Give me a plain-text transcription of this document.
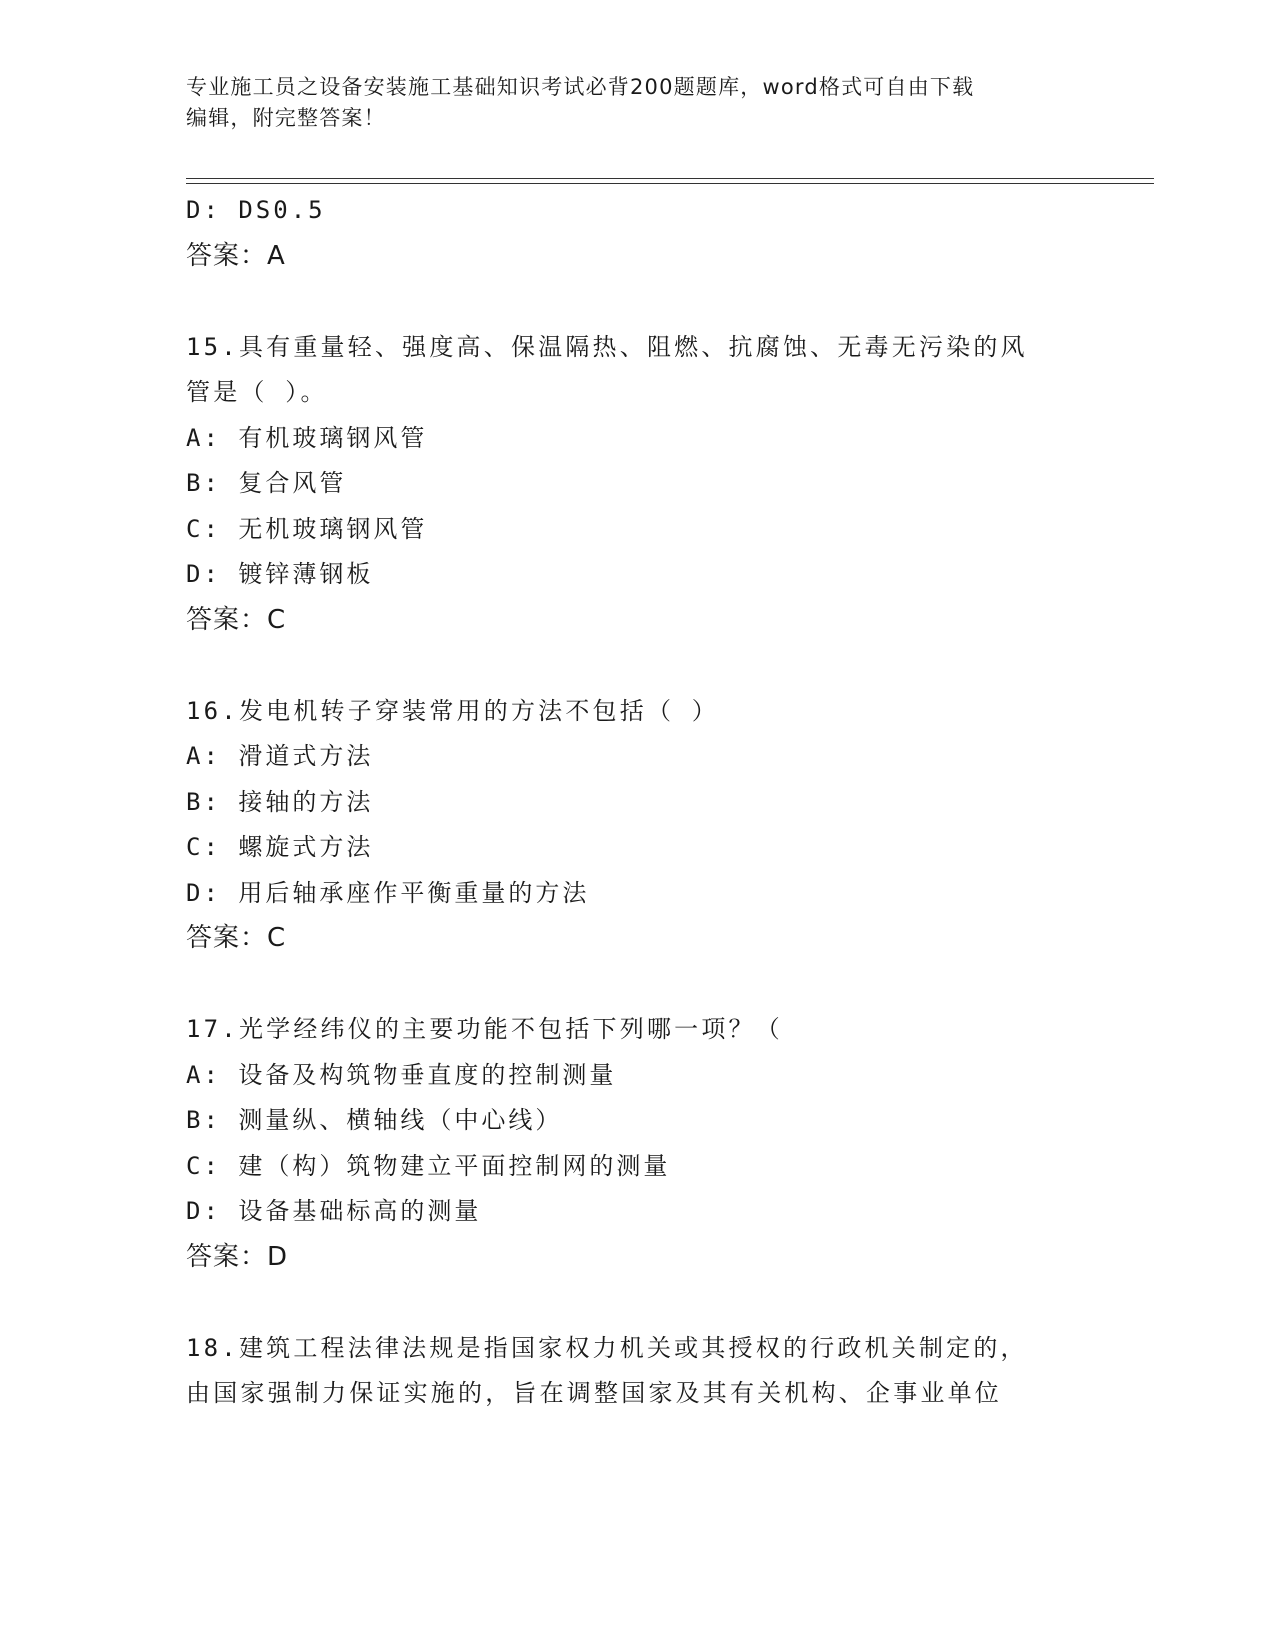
专业施工员之设备安装施工基础知识考试必背200题题库，word格式可自由下载
编辑，附完整答案！
D: DS0.5
答案：A
15.具有重量轻、强度高、保温隔热、阻燃、抗腐蚀、无毒无污染的风
管是（ ）。
A: 有机玻璃钢风管
B: 复合风管
C: 无机玻璃钢风管
D: 镀锌薄钢板
答案：C
16.发电机转子穿装常用的方法不包括（ ）
A: 滑道式方法
B: 接轴的方法
C: 螺旋式方法
D: 用后轴承座作平衡重量的方法
答案：C
17.光学经纬仪的主要功能不包括下列哪一项？（
A: 设备及构筑物垂直度的控制测量
B: 测量纵、横轴线（中心线）
C: 建（构）筑物建立平面控制网的测量
D: 设备基础标高的测量
答案：D
18.建筑工程法律法规是指国家权力机关或其授权的行政机关制定的，
由国家强制力保证实施的，旨在调整国家及其有关机构、企事业单位
